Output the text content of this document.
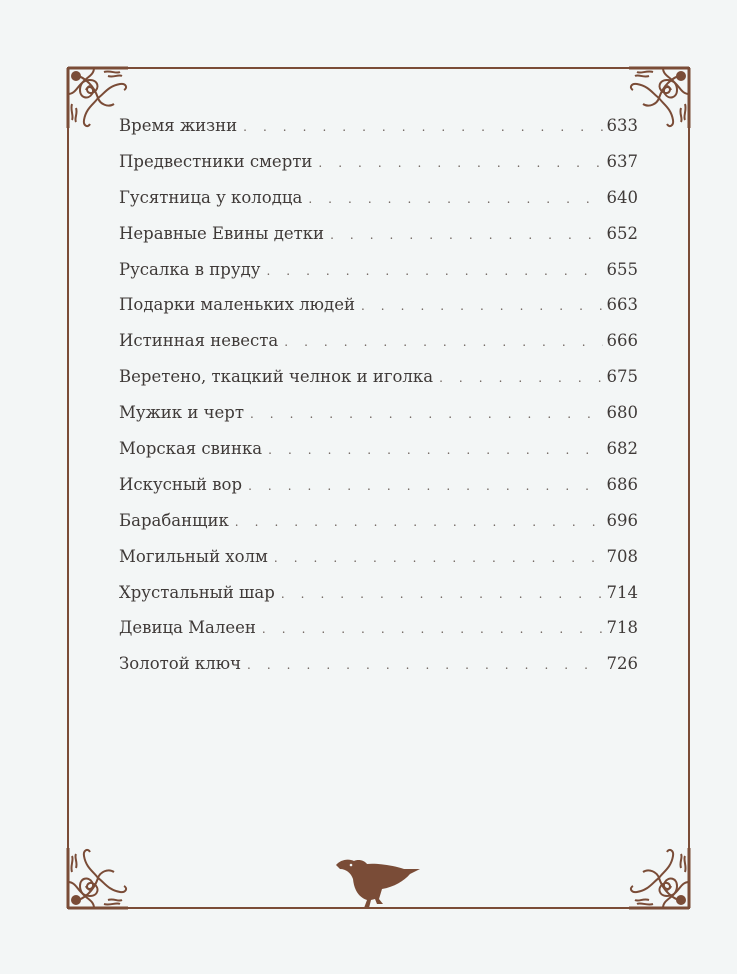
Время жизни . . .	633
Предвестники смерти . . .	637
Гусятница у колодца . . .	640
Неравные Евины детки . . .	652
Русалка в пруду . . .	655
Подарки маленьких людей . . .	663
Истинная невеста . . .	666
Веретено, ткацкий челнок и иголка . . .	675
Мужик и черт . . .	680
Морская свинка . . .	682
Искусный вор . . .	686
Барабанщик . . .	696
Могильный холм . . .	708
Хрустальный шар . . .	714
Девица Малеен . . .	718
Золотой ключ . . .	726
